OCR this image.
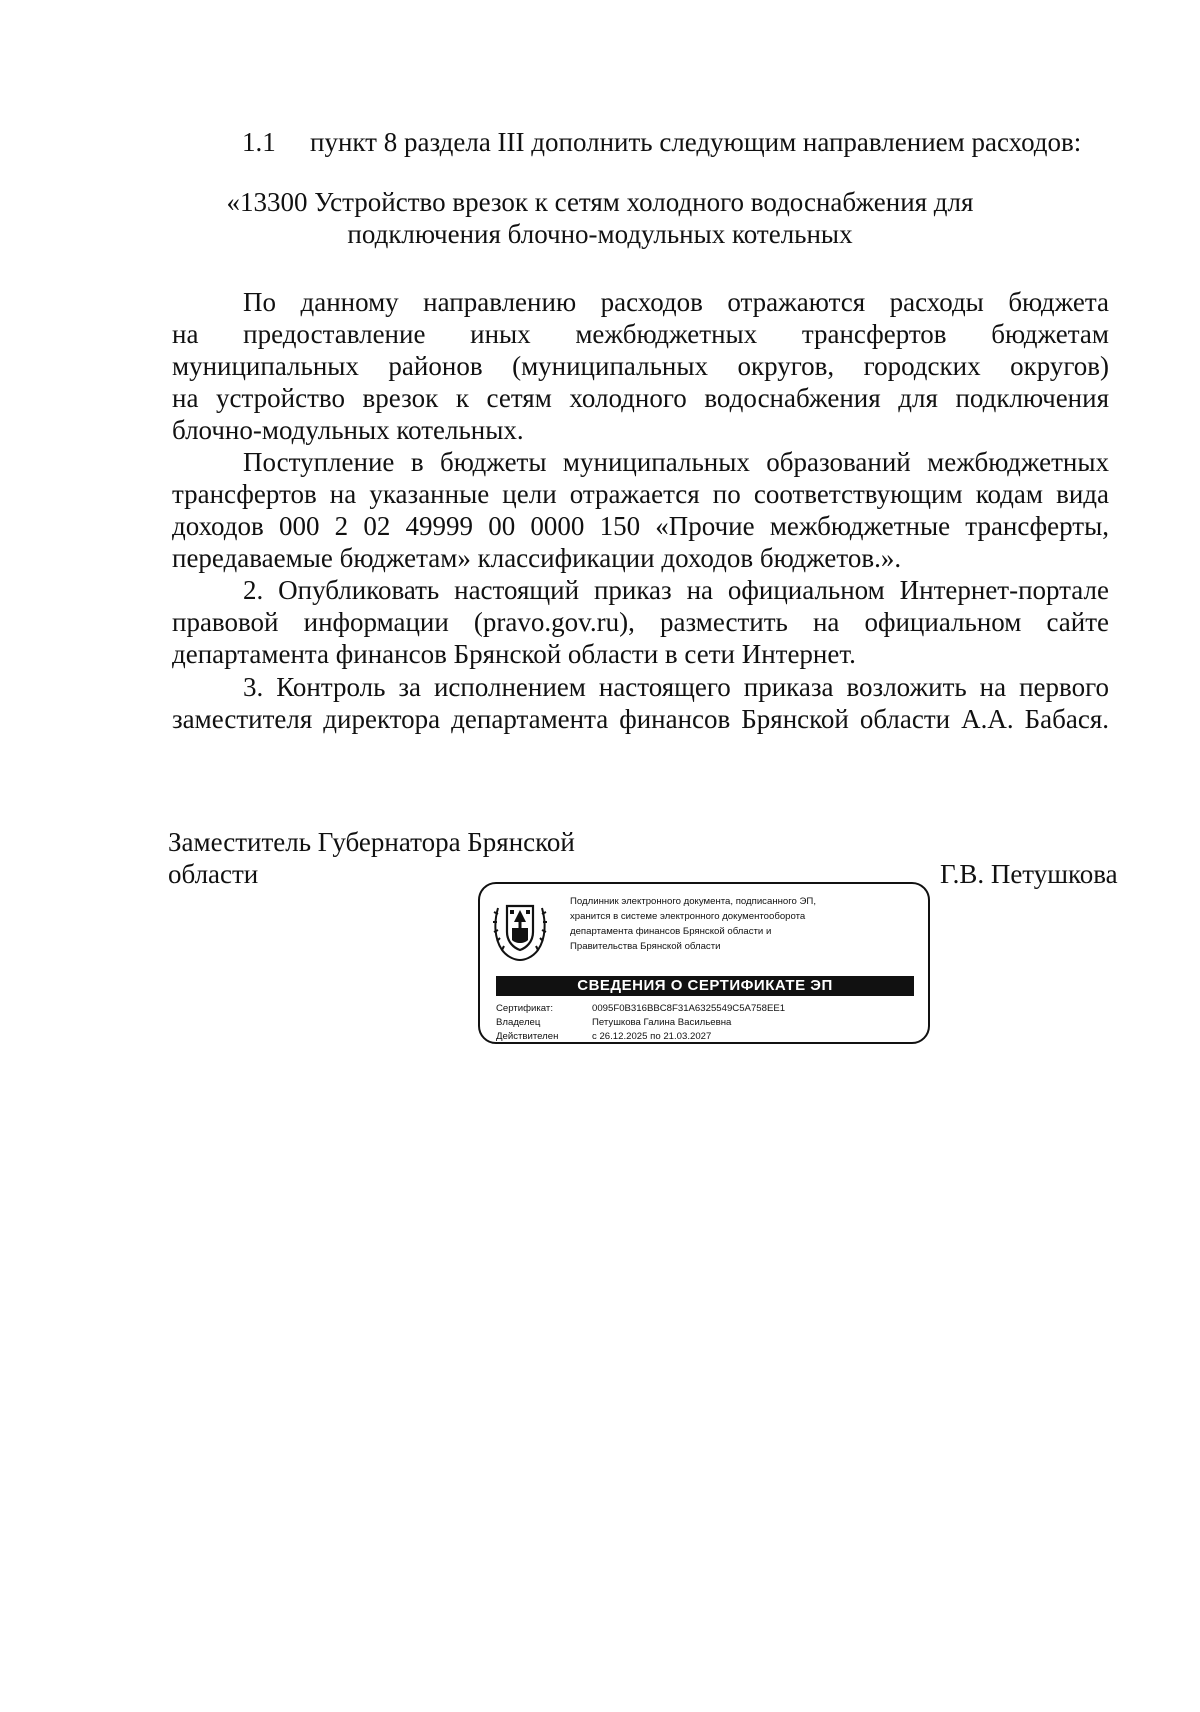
1.1 пункт 8 раздела III дополнить следующим направлением расходов:
«13300 Устройство врезок к сетям холодного водоснабжения для
подключения блочно-модульных котельных
По данному направлению расходов отражаются расходы бюджета
на предоставление иных межбюджетных трансфертов бюджетам
муниципальных районов (муниципальных округов, городских округов)
на устройство врезок к сетям холодного водоснабжения для подключения
блочно-модульных котельных.
Поступление в бюджеты муниципальных образований межбюджетных
трансфертов на указанные цели отражается по соответствующим кодам вида
доходов 000 2 02 49999 00 0000 150 «Прочие межбюджетные трансферты,
передаваемые бюджетам» классификации доходов бюджетов.».
2. Опубликовать настоящий приказ на официальном Интернет-портале
правовой информации (pravo.gov.ru), разместить на официальном сайте
департамента финансов Брянской области в сети Интернет.
3. Контроль за исполнением настоящего приказа возложить на первого
заместителя директора департамента финансов Брянской области А.А. Бабася.
Заместитель Губернатора Брянской
области	Г.В. Петушкова
Подлинник электронного документа, подписанного ЭП,
хранится в системе электронного документооборота
департамента финансов Брянской области и
Правительства Брянской области
СВЕДЕНИЯ О СЕРТИФИКАТЕ ЭП
Сертификат:	0095F0B316BBC8F31A6325549C5A758EE1
Владелец	Петушкова Галина Васильевна
Действителен	с 26.12.2025 по 21.03.2027
